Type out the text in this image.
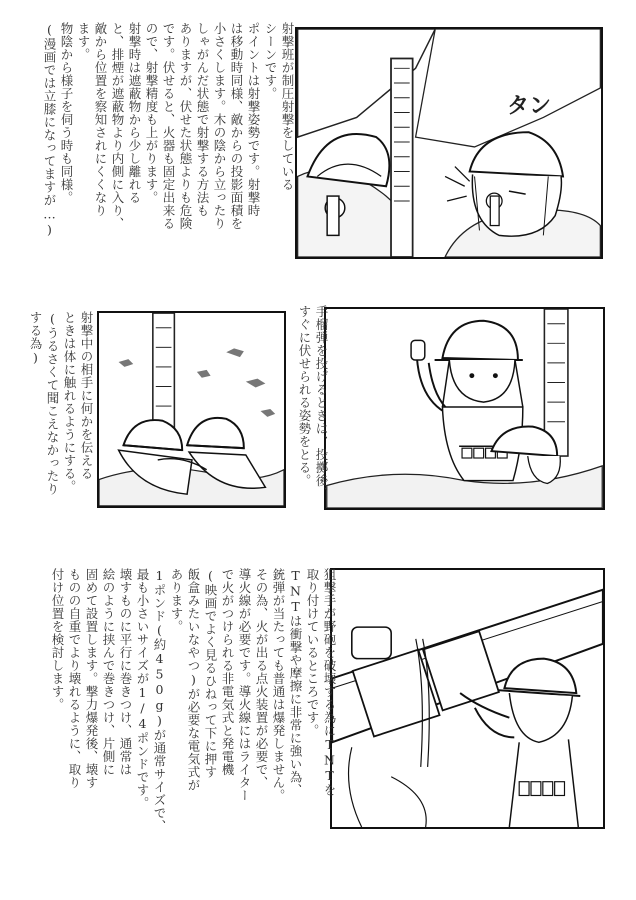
射撃班が制圧射撃をしている
シーンです。
ポイントは射撃姿勢です。射撃時
は移動時同様、敵からの投影面積を
小さくします。木の陰から立ったり
しゃがんだ状態で射撃する方法も
ありますが、伏せた状態よりも危険
です。伏せると、火器も固定出来る
ので、射撃精度も上がります。
射撃時は遮蔽物から少し離れる
と、排煙が遮蔽物より内側に入り、
敵から位置を察知されにくくなり
ます。
物陰から様子を伺う時も同様。
(漫画では立膝になってますが…)	タン
射撃中の相手に何かを伝える
ときは体に触れるようにする。
(うるさくて聞こえなかったり
する為)	手榴弾を投げるときは、投擲後、
すぐに伏せられる姿勢をとる。
狙撃手が野砲を破壊する為にTNTを
取り付けているところです。
TNTは衝撃や摩擦に非常に強い為、
銃弾が当たっても普通は爆発しません。
その為、火が出る点火装置が必要で、
導火線が必要です。導火線にはライター
で火がつけられる非電気式と発電機
(映画でよく見るひねって下に押す
飯盒みたいなやつ)が必要な電気式が
あります。
1ポンド(約450g)が通常サイズで、
最も小さいサイズが1/4ポンドです。
壊すものに平行に巻きつけ、通常は
絵のように挟んで巻きつけ、片側に
固めて設置します。撃力爆発後、壊す
ものの自重でより壊れるように、取り
付け位置を検討します。
